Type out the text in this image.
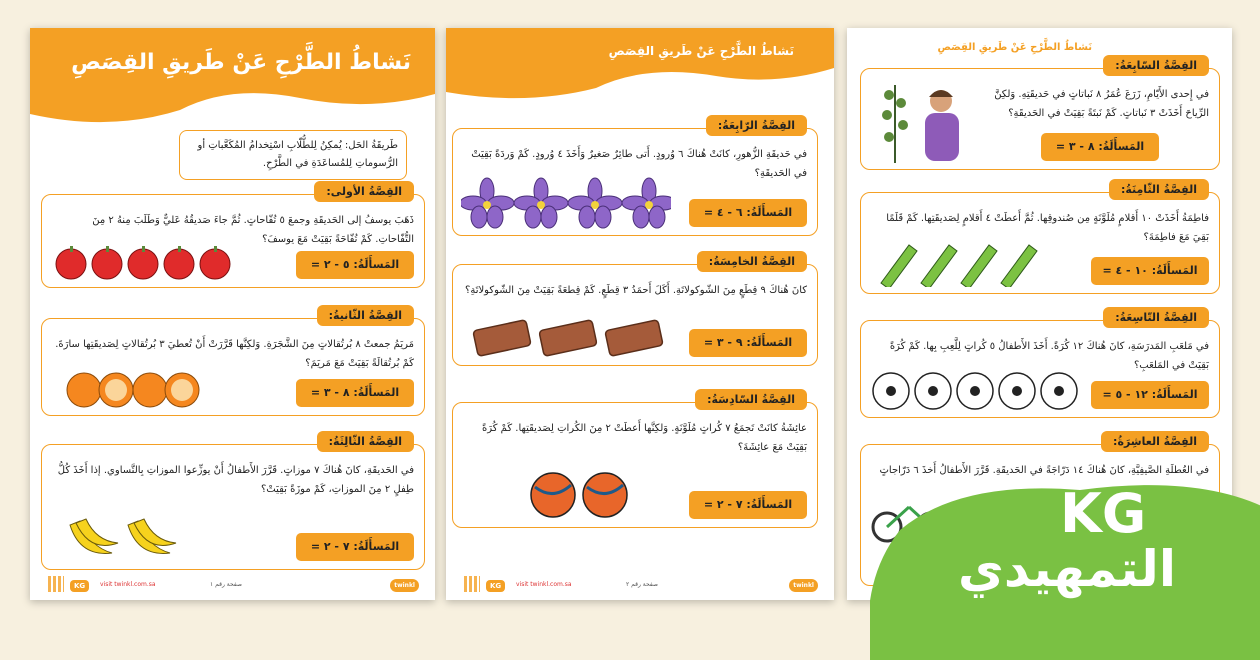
نَشاطُ الطَّرْحِ عَنْ طَريقِ القِصَصِ
القِصَّةُ السّابِعَةُ:
في إِحدى الأَيّامِ، زَرَعَ عُمَرُ ٨ نَباتاتٍ في حَديقَتِهِ. وَلكِنَّ الرِّياحَ أَخَذَتْ ٣ نَباتاتٍ. كَمْ نَبتَةً بَقِيَتْ في الحَديقَةِ؟
المَسأَلَةُ: ٨ - ٣ =
القِصَّةُ الثّامِنَةُ:
فاطِمَةُ أَخَذَتْ ١٠ أَقلامٍ مُلَوَّنَةٍ مِن صُندوقِها. ثُمَّ أَعطَتْ ٤ أَقلامٍ لِصَديقَتِها. كَمْ قَلَمًا بَقِيَ مَعَ فاطِمَةَ؟
المَسأَلَةُ: ١٠ - ٤ =
القِصَّةُ التّاسِعَةُ:
في مَلعَبِ المَدرَسَةِ، كانَ هُناكَ ١٢ كُرَةً. أَخَذَ الأَطفالُ ٥ كُراتٍ لِلَّعِبِ بِها. كَمْ كُرَةً بَقِيَتْ في المَلعَبِ؟
المَسأَلَةُ: ١٢ - ٥ =
القِصَّةُ العاشِرَةُ:
في العُطلَةِ الصَّيفِيَّةِ، كانَ هُناكَ ١٤ دَرّاجَةً في الحَديقَةِ. قَرَّرَ الأَطفالُ أَخذَ ٦ دَرّاجاتٍ
نَشاطُ الطَّرْحِ عَنْ طَريقِ القِصَصِ
القِصَّةُ الرّابِعَةُ:
في حَديقَةِ الزُّهورِ، كانَتْ هُناكَ ٦ وُرودٍ. أَتى طائِرٌ صَغيرٌ وَأَخَذَ ٤ وُرودٍ. كَمْ وَردَةً بَقِيَتْ في الحَديقَةِ؟
المَسأَلَةُ: ٦ - ٤ =
القِصَّةُ الخامِسَةُ:
كانَ هُناكَ ٩ قِطَعٍ مِنَ الشّوكولاتَةِ. أَكَلَ أَحمَدُ ٣ قِطَعٍ. كَمْ قِطعَةً بَقِيَتْ مِنَ الشّوكولاتَةِ؟
المَسأَلَةُ: ٩ - ٣ =
القِصَّةُ السّادِسَةُ:
عائِشَةُ كانَتْ تَجمَعُ ٧ كُراتٍ مُلَوَّنَةٍ. وَلكِنَّها أَعطَتْ ٢ مِنَ الكُراتِ لِصَديقَتِها. كَمْ كُرَةً بَقِيَتْ مَعَ عائِشَةَ؟
المَسأَلَةُ: ٧ - ٢ =
KG	صفحة رقم ٢
visit twinkl.com.sa	twinkl
نَشاطُ الطَّرْحِ عَنْ طَريقِ القِصَصِ
طَريقَةُ الحَل: يُمكِنُ لِلطُّلّابِ اسْتِخدامُ المُكَعَّباتِ أو الرُّسوماتِ لِلمُساعَدَةِ في الطَّرْحِ.
القِصَّةُ الأولى:
ذَهَبَ يوسفُ إلى الحَديقَةِ وجمعَ ٥ تُفّاحاتٍ. ثُمَّ جاءَ صَديقُهُ عَليٌّ وَطَلَبَ مِنهُ ٢ مِنَ التُّفّاحاتِ. كَمْ تُفّاحَةً بَقِيَتْ مَعَ يوسفَ؟
المَسأَلَةُ: ٥ - ٢ =
القِصَّةُ الثّانيةُ:
مَريَمُ جمعتْ ٨ بُرتُقالاتٍ مِنَ الشَّجَرَةِ. وَلكِنَّها قَرَّرَتْ أَنْ تُعطيَ ٣ بُرتُقالاتٍ لِصَديقَتِها سارَةَ. كَمْ بُرتُقالَةً بَقِيَتْ مَعَ مَريَمَ؟
المَسأَلَةُ: ٨ - ٣ =
القِصَّةُ الثّالِثَةُ:
في الحَديقَةِ، كانَ هُناكَ ٧ موزاتٍ. قَرَّرَ الأَطفالُ أَنْ يوزِّعوا الموزاتِ بِالتَّساوي. إذا أَخَذَ كُلُّ طِفلٍ ٢ مِنَ الموزاتِ، كَمْ موزَةً بَقِيَتْ؟
المَسأَلَةُ: ٧ - ٢ =
KG	صفحة رقم ١
visit twinkl.com.sa	twinkl
KG
التمهيدي
